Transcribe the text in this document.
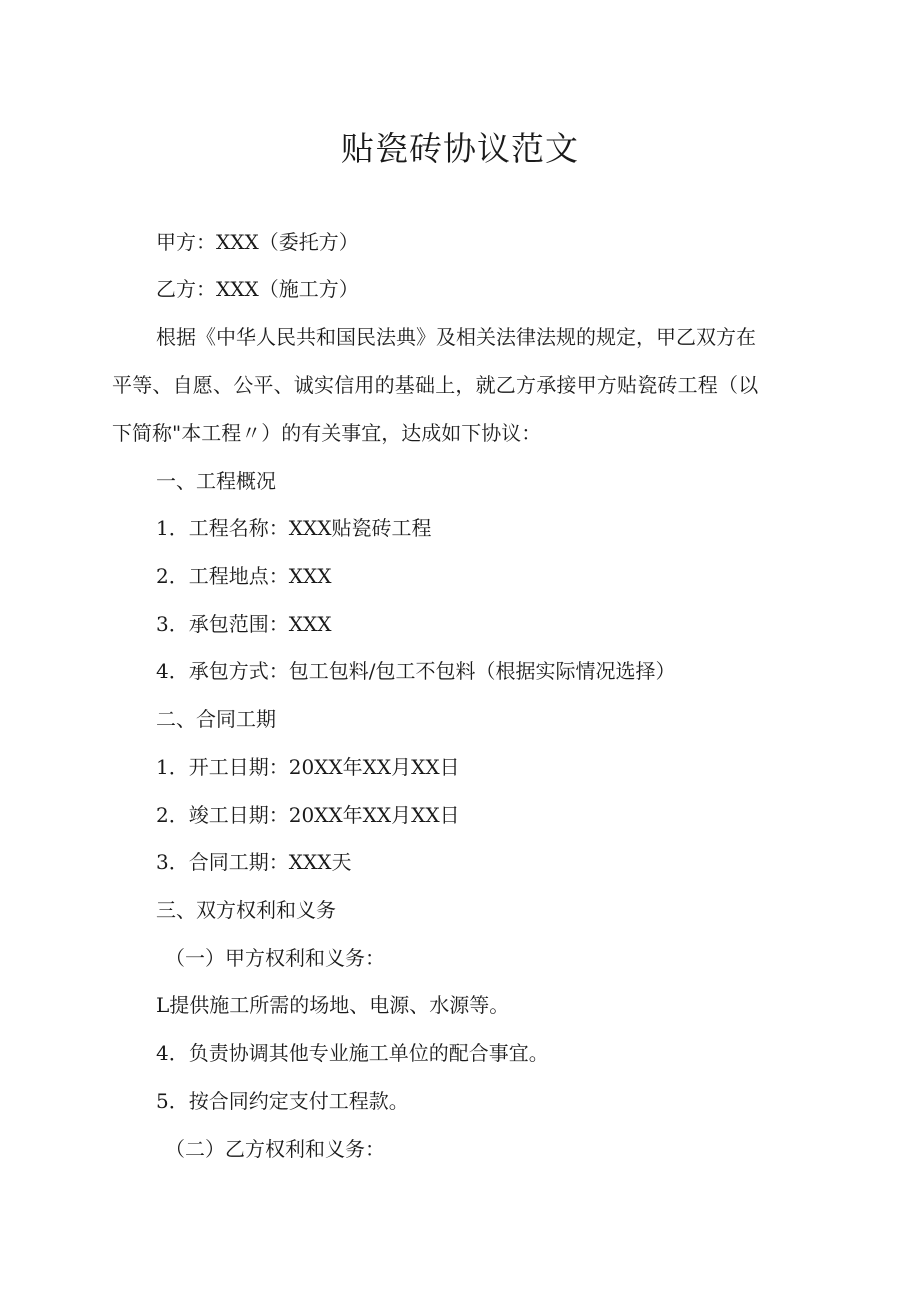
贴瓷砖协议范文

甲方：XXX（委托方）

乙方：XXX（施工方）

根据《中华人民共和国民法典》及相关法律法规的规定，甲乙双方在

平等、自愿、公平、诚实信用的基础上，就乙方承接甲方贴瓷砖工程（以

下简称"本工程〃）的有关事宜，达成如下协议：

一、工程概况

1．工程名称：XXX贴瓷砖工程

2．工程地点：XXX

3．承包范围：XXX

4．承包方式：包工包料/包工不包料（根据实际情况选择）

二、合同工期

1．开工日期：20XX年XX月XX日

2．竣工日期：20XX年XX月XX日

3．合同工期：XXX天

三、双方权利和义务

（一）甲方权利和义务：

L提供施工所需的场地、电源、水源等。

4．负责协调其他专业施工单位的配合事宜。

5．按合同约定支付工程款。

（二）乙方权利和义务：
